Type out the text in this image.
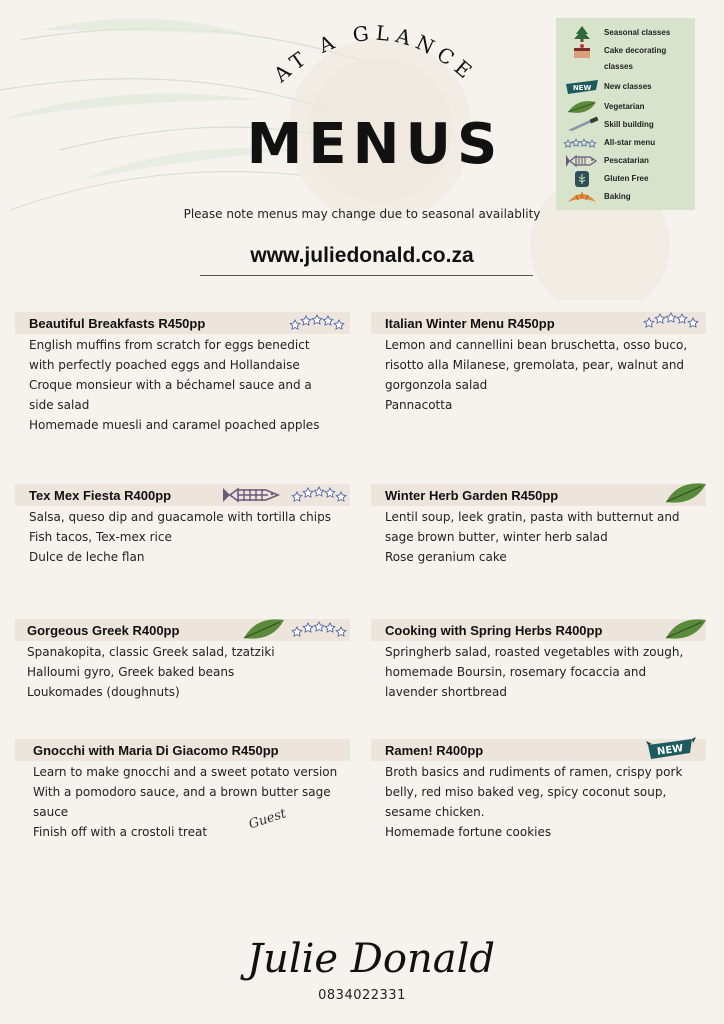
AT A GLANCE
MENUS
Please note menus may change due to seasonal availablity
www.juliedonald.co.za
Seasonal classes
Cake decorating
classes
NEW New classes
Vegetarian
Skill building
All-star menu
Pescatarian
Gluten Free
Baking
Beautiful Breakfasts R450pp
English muffins from scratch for eggs benedict
with perfectly poached eggs and Hollandaise
Croque monsieur with a béchamel sauce and a
side salad
Homemade muesli and caramel poached apples
Italian Winter Menu R450pp
Lemon and cannellini bean bruschetta, osso buco,
risotto alla Milanese, gremolata, pear, walnut and
gorgonzola salad
Pannacotta
Tex Mex Fiesta R400pp
Salsa, queso dip and guacamole with tortilla chips
Fish tacos, Tex-mex rice
Dulce de leche flan
Winter Herb Garden R450pp
Lentil soup, leek gratin, pasta with butternut and
sage brown butter, winter herb salad
Rose geranium cake
Gorgeous Greek R400pp
Spanakopita, classic Greek salad, tzatziki
Halloumi gyro, Greek baked beans
Loukomades (doughnuts)
Cooking with Spring Herbs R400pp
Springherb salad, roasted vegetables with zough,
homemade Boursin, rosemary focaccia and
lavender shortbread
Gnocchi with Maria Di Giacomo R450pp
Learn to make gnocchi and a sweet potato version
With a pomodoro sauce, and a brown butter sage
sauce
Finish off with a crostoli treat	Guest
Ramen! R400pp
Broth basics and rudiments of ramen, crispy pork
belly, red miso baked veg, spicy coconut soup,
sesame chicken.
Homemade fortune cookies
NEW
Julie Donald
0834022331
